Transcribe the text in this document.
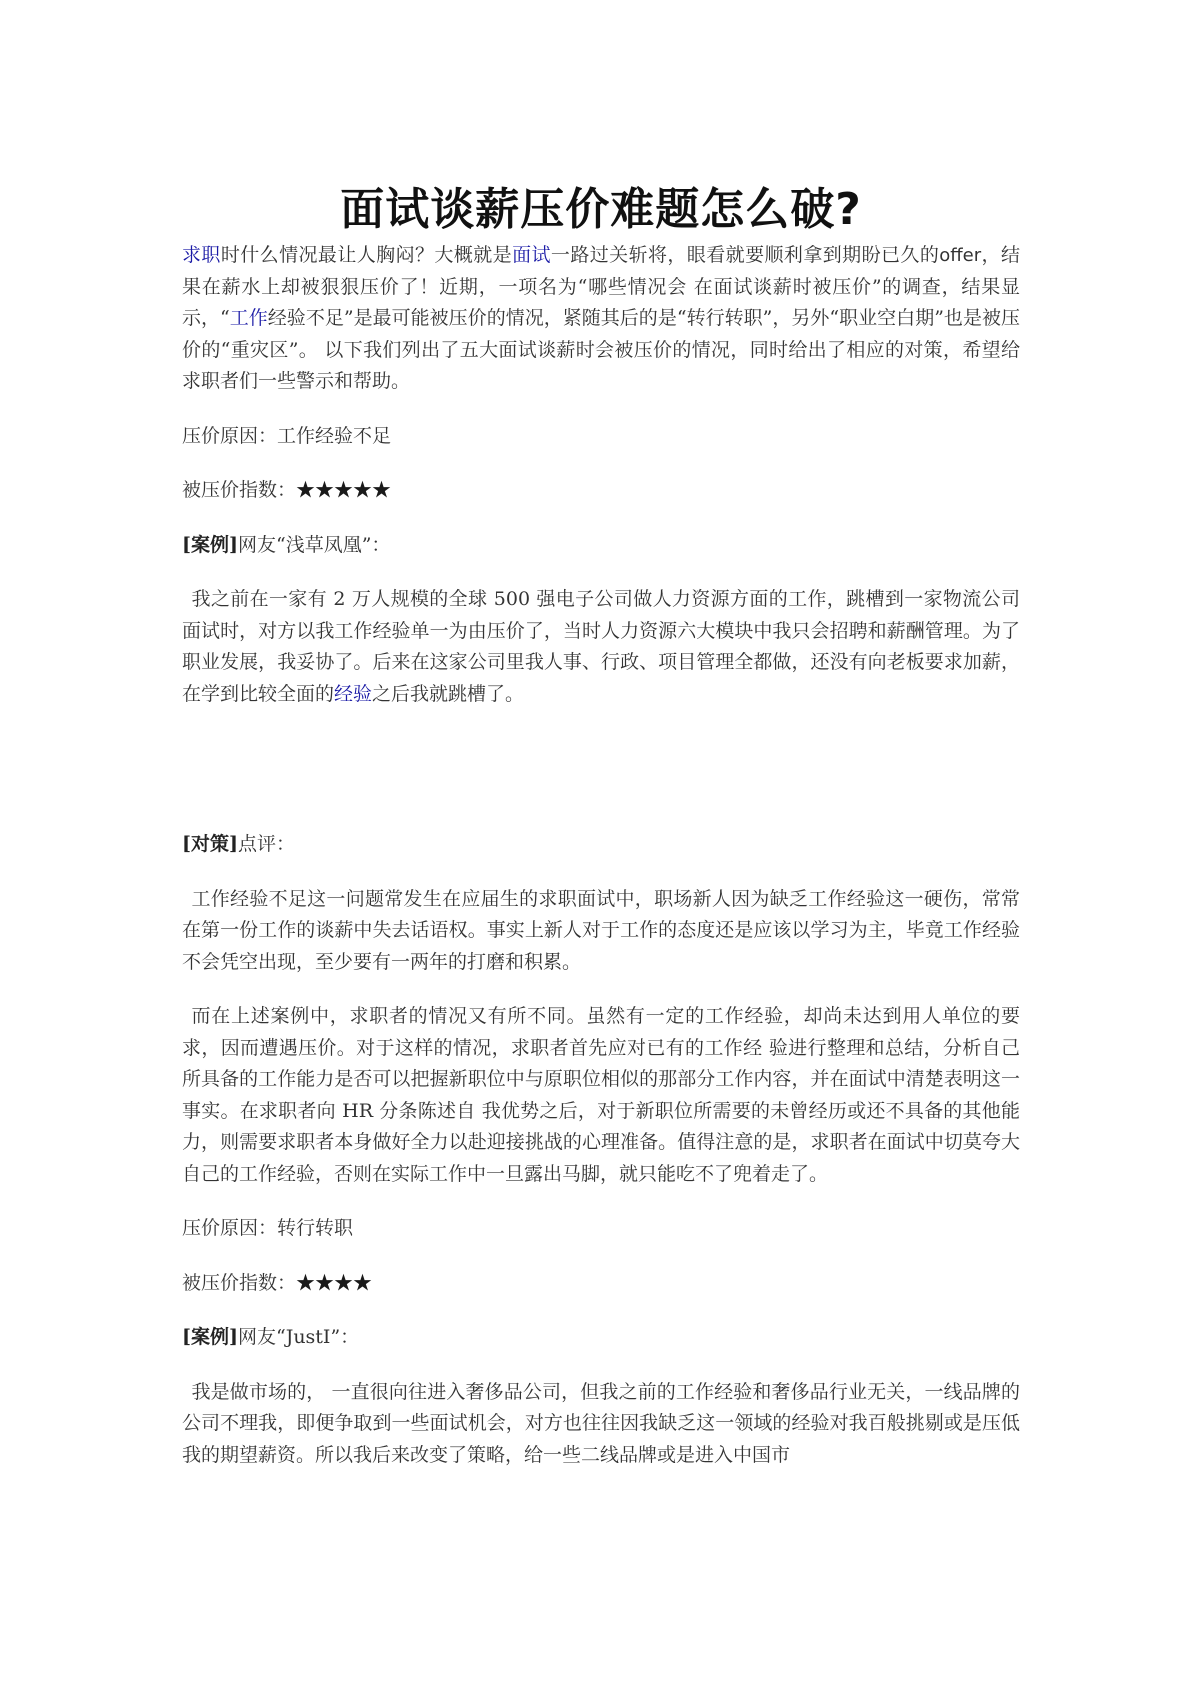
面试谈薪压价难题怎么破?

求职时什么情况最让人胸闷？大概就是面试一路过关斩将，眼看就要顺利拿到期盼已久的offer，结果在薪水上却被狠狠压价了！近期，一项名为“哪些情况会 在面试谈薪时被压价”的调查，结果显示，“工作经验不足”是最可能被压价的情况，紧随其后的是“转行转职”，另外“职业空白期”也是被压价的“重灾区”。 以下我们列出了五大面试谈薪时会被压价的情况，同时给出了相应的对策，希望给求职者们一些警示和帮助。

压价原因：工作经验不足

被压价指数：★★★★★

[案例]网友“浅草凤凰”：

我之前在一家有 2 万人规模的全球 500 强电子公司做人力资源方面的工作，跳槽到一家物流公司面试时，对方以我工作经验单一为由压价了，当时人力资源六大模块中我只会招聘和薪酬管理。为了职业发展，我妥协了。后来在这家公司里我人事、行政、项目管理全都做，还没有向老板要求加薪，在学到比较全面的经验之后我就跳槽了。

[对策]点评：

工作经验不足这一问题常发生在应届生的求职面试中，职场新人因为缺乏工作经验这一硬伤，常常在第一份工作的谈薪中失去话语权。事实上新人对于工作的态度还是应该以学习为主，毕竟工作经验不会凭空出现，至少要有一两年的打磨和积累。

而在上述案例中，求职者的情况又有所不同。虽然有一定的工作经验，却尚未达到用人单位的要求，因而遭遇压价。对于这样的情况，求职者首先应对已有的工作经 验进行整理和总结，分析自己所具备的工作能力是否可以把握新职位中与原职位相似的那部分工作内容，并在面试中清楚表明这一事实。在求职者向 HR 分条陈述自 我优势之后，对于新职位所需要的未曾经历或还不具备的其他能力，则需要求职者本身做好全力以赴迎接挑战的心理准备。值得注意的是，求职者在面试中切莫夸大 自己的工作经验，否则在实际工作中一旦露出马脚，就只能吃不了兜着走了。

压价原因：转行转职

被压价指数：★★★★

[案例]网友“JustI”：

我是做市场的， 一直很向往进入奢侈品公司，但我之前的工作经验和奢侈品行业无关，一线品牌的公司不理我，即便争取到一些面试机会，对方也往往因我缺乏这一领域的经验对我百般挑剔或是压低我的期望薪资。所以我后来改变了策略，给一些二线品牌或是进入中国市
